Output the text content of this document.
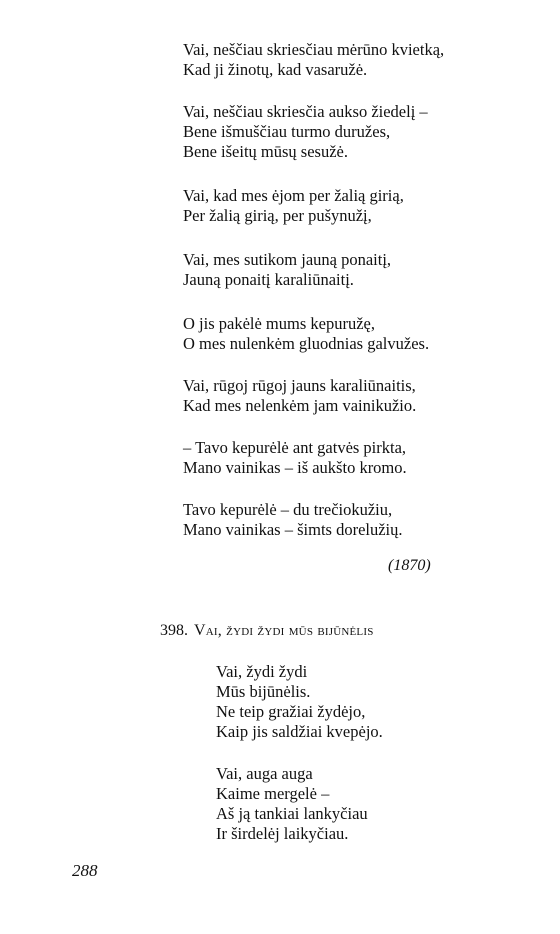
Vai, neščiau skriesčiau mėrūno kvietką,
Kad ji žinotų, kad vasaružė.
Vai, neščiau skriesčia aukso žiedelį –
Bene išmuščiau turmo duružes,
Bene išeitų mūsų sesužė.
Vai, kad mes ėjom per žalią girią,
Per žalią girią, per pušynužį,
Vai, mes sutikom jauną ponaitį,
Jauną ponaitį karaliūnaitį.
O jis pakėlė mums kepuružę,
O mes nulenkėm gluodnias galvužes.
Vai, rūgoj rūgoj jauns karaliūnaitis,
Kad mes nelenkėm jam vainikužio.
– Tavo kepurėlė ant gatvės pirkta,
Mano vainikas – iš aukšto kromo.
Tavo kepurėlė – du trečiokužiu,
Mano vainikas – šimts dorelužių.
(1870)
398. Vai, žydi žydi mūs bijūnėlis
Vai, žydi žydi
Mūs bijūnėlis.
Ne teip gražiai žydėjo,
Kaip jis saldžiai kvepėjo.
Vai, auga auga
Kaime mergelė –
Aš ją tankiai lankyčiau
Ir širdelėj laikyčiau.
288
